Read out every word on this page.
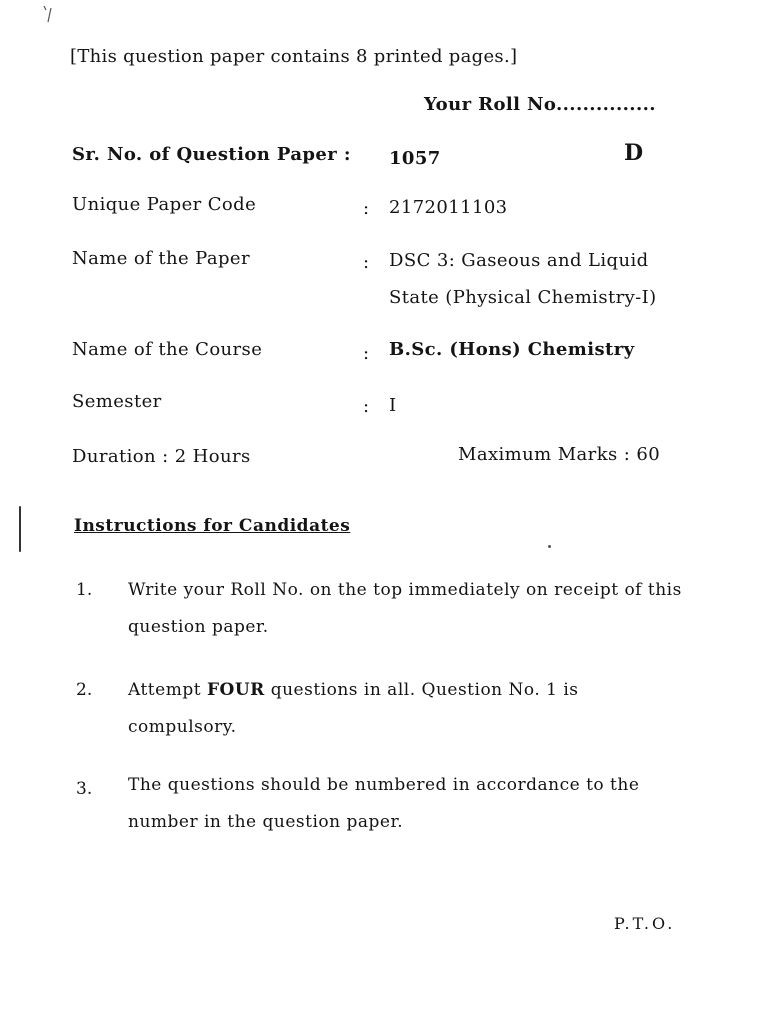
[This question paper contains 8 printed pages.]
Your Roll No...............
Sr. No. of Question Paper : 1057	D
Unique Paper Code	: 2172011103
Name of the Paper	: DSC 3: Gaseous and Liquid
State (Physical Chemistry-I)
Name of the Course	: B.Sc. (Hons) Chemistry
Semester	: I
Duration : 2 Hours	Maximum Marks : 60
Instructions for Candidates
1. Write your Roll No. on the top immediately on receipt of this question paper.
2. Attempt FOUR questions in all. Question No. 1 is compulsory.
3. The questions should be numbered in accordance to the number in the question paper.
P.T.O.
